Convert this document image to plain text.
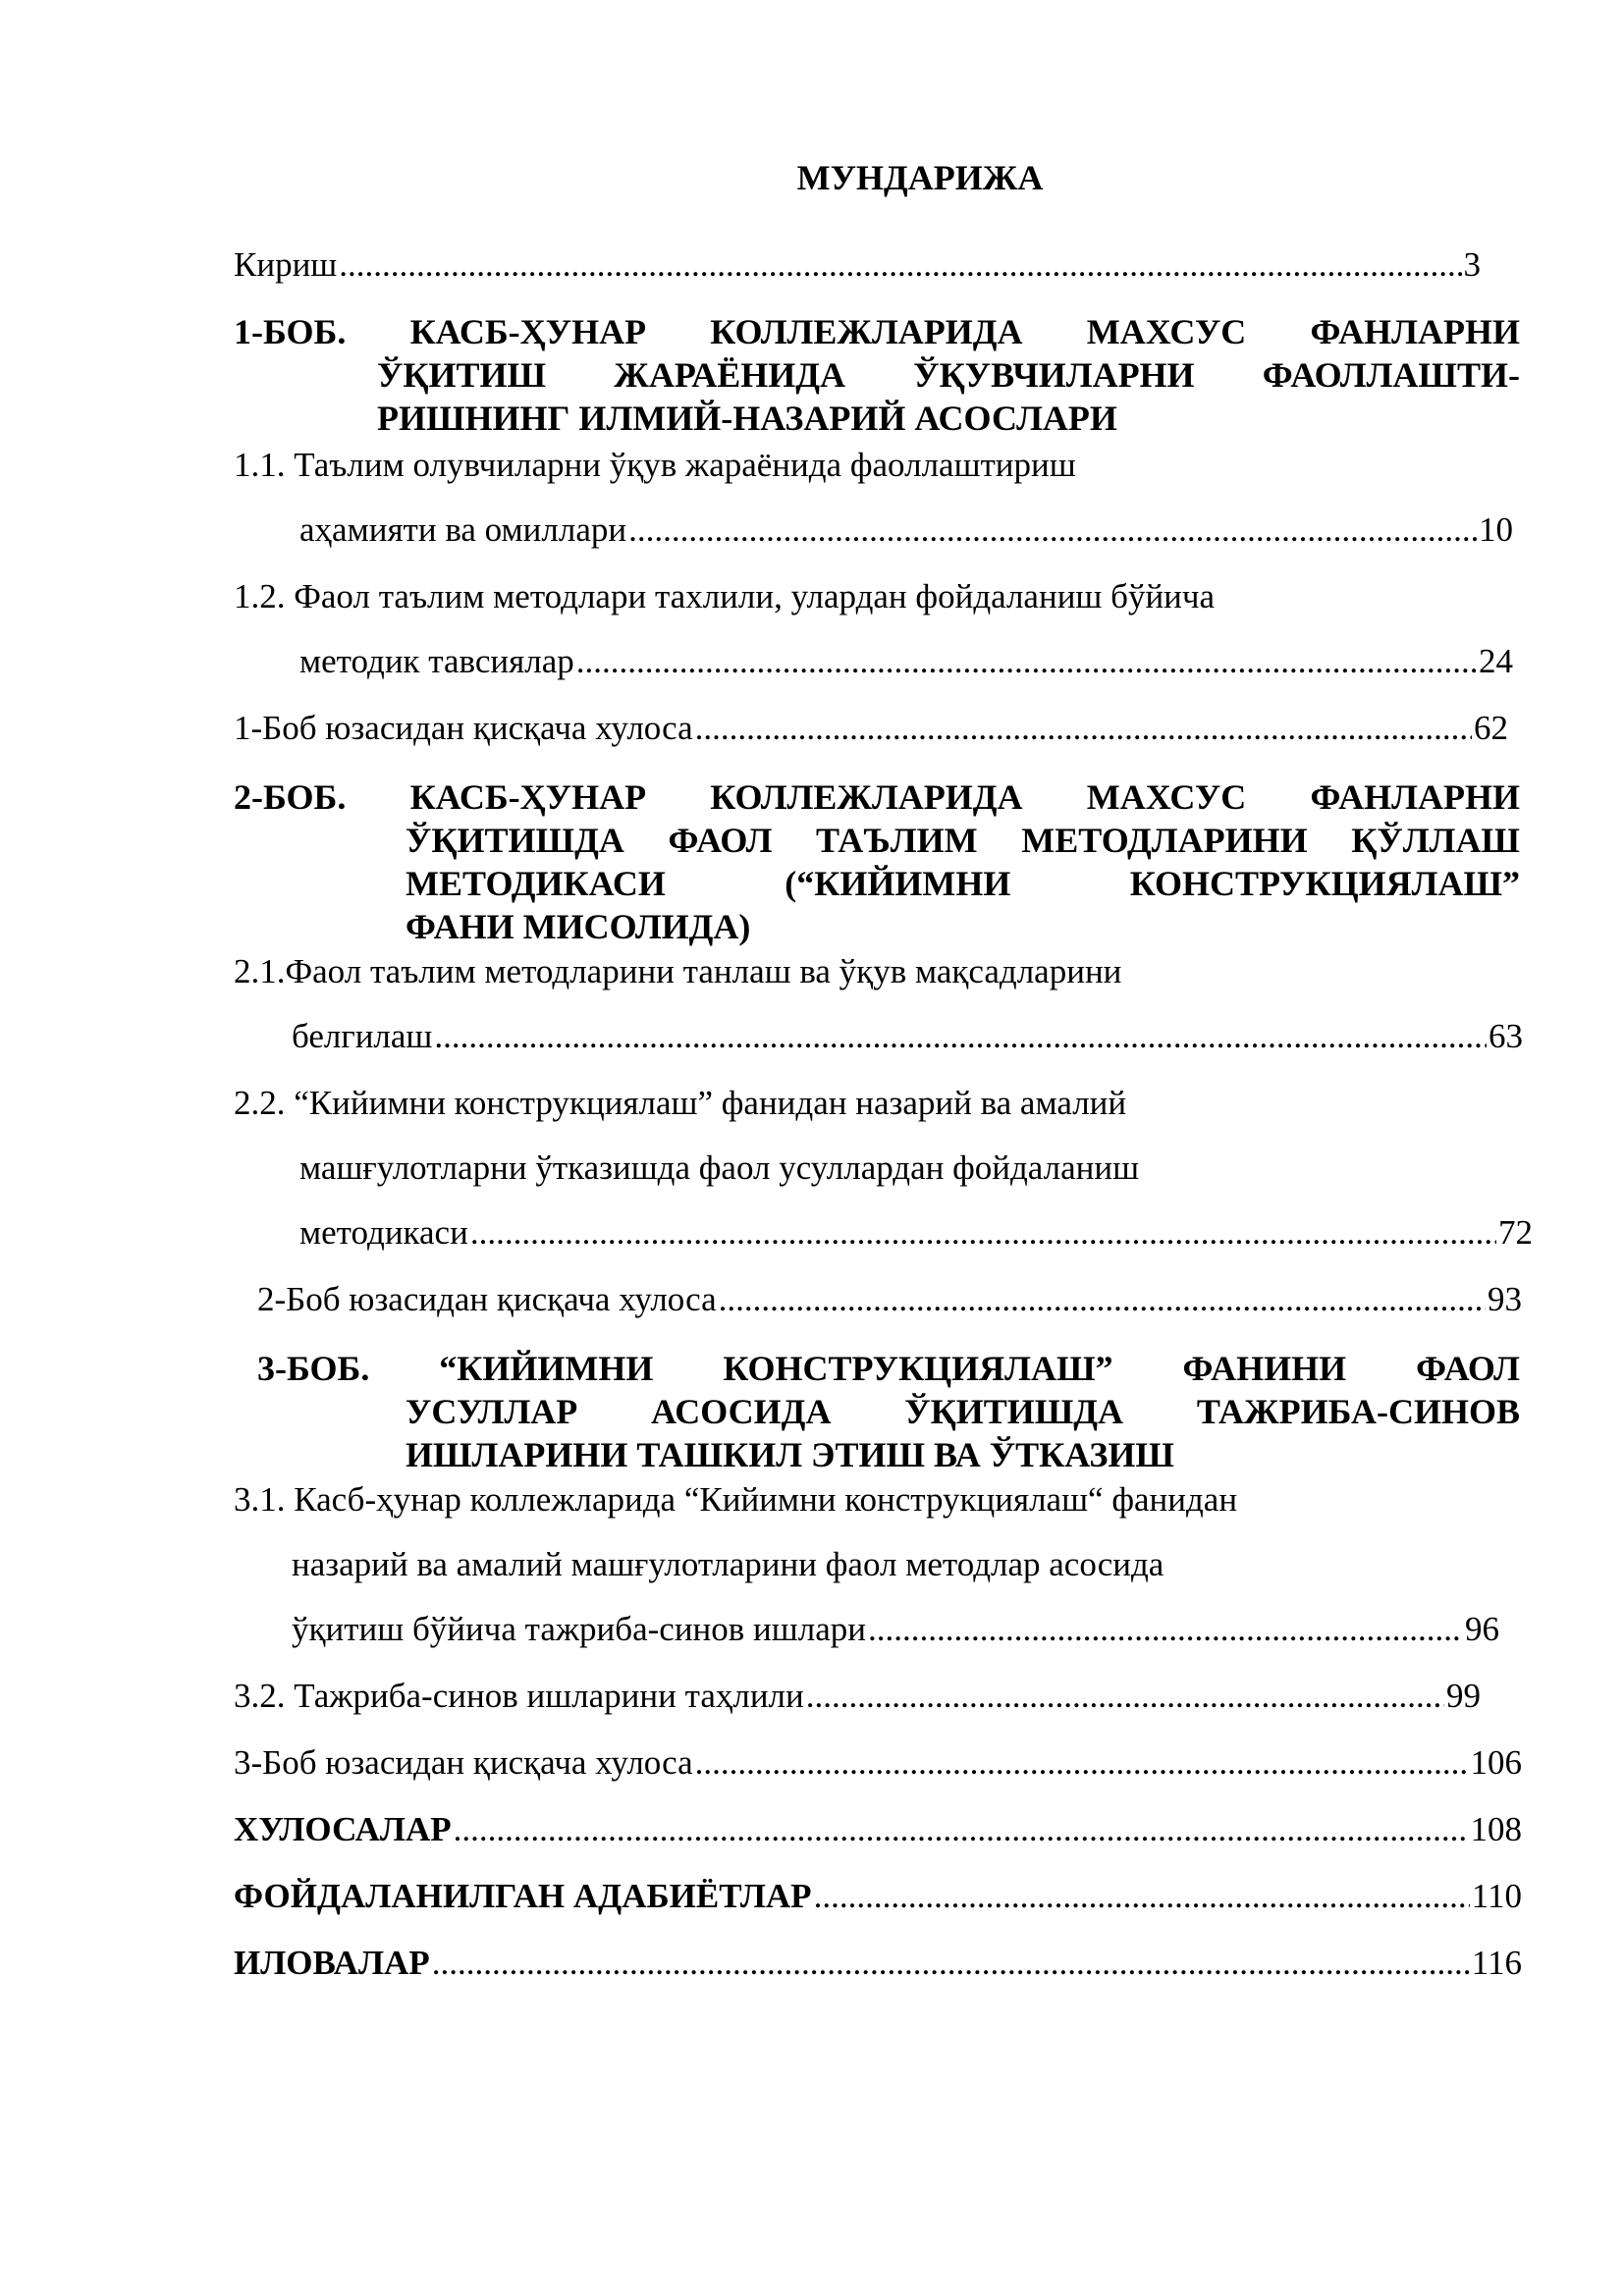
МУНДАРИЖА
Кириш .....	3
1-БОБ. КАСБ-ҲУНАР КОЛЛЕЖЛАРИДА МАХСУС ФАНЛАРНИ
ЎҚИТИШ ЖАРАЁНИДА ЎҚУВЧИЛАРНИ ФАОЛЛАШТИ-
РИШНИНГ ИЛМИЙ-НАЗАРИЙ АСОСЛАРИ
1.1. Таълим олувчиларни ўқув жараёнида фаоллаштириш
аҳамияти ва омиллари .....	10
1.2. Фаол таълим методлари тахлили, улардан фойдаланиш бўйича
методик тавсиялар .....	24
1-Боб юзасидан қисқача хулоса .....	62
2-БОБ. КАСБ-ҲУНАР КОЛЛЕЖЛАРИДА МАХСУС ФАНЛАРНИ
ЎҚИТИШДА ФАОЛ ТАЪЛИМ МЕТОДЛАРИНИ ҚЎЛЛАШ
МЕТОДИКАСИ	(“КИЙИМНИ	КОНСТРУКЦИЯЛАШ”
ФАНИ МИСОЛИДА)
2.1.Фаол таълим методларини танлаш ва ўқув мақсадларини
белгилаш .....	63
2.2. “Кийимни конструкциялаш” фанидан назарий ва амалий
машғулотларни ўтказишда фаол усуллардан фойдаланиш
методикаси .....	72
2-Боб юзасидан қисқача хулоса .....	93
3-БОБ. “КИЙИМНИ КОНСТРУКЦИЯЛАШ” ФАНИНИ ФАОЛ
УСУЛЛАР АСОСИДА ЎҚИТИШДА ТАЖРИБА-СИНОВ
ИШЛАРИНИ ТАШКИЛ ЭТИШ ВА ЎТКАЗИШ
3.1. Касб-ҳунар коллежларида “Кийимни конструкциялаш“ фанидан
назарий ва амалий машғулотларини фаол методлар асосида
ўқитиш бўйича тажриба-синов ишлари .....	96
3.2. Тажриба-синов ишларини таҳлили .....	99
3-Боб юзасидан қисқача хулоса .....	106
ХУЛОСАЛАР .....	108
ФОЙДАЛАНИЛГАН АДАБИЁТЛАР .....	110
ИЛОВАЛАР .....	116
